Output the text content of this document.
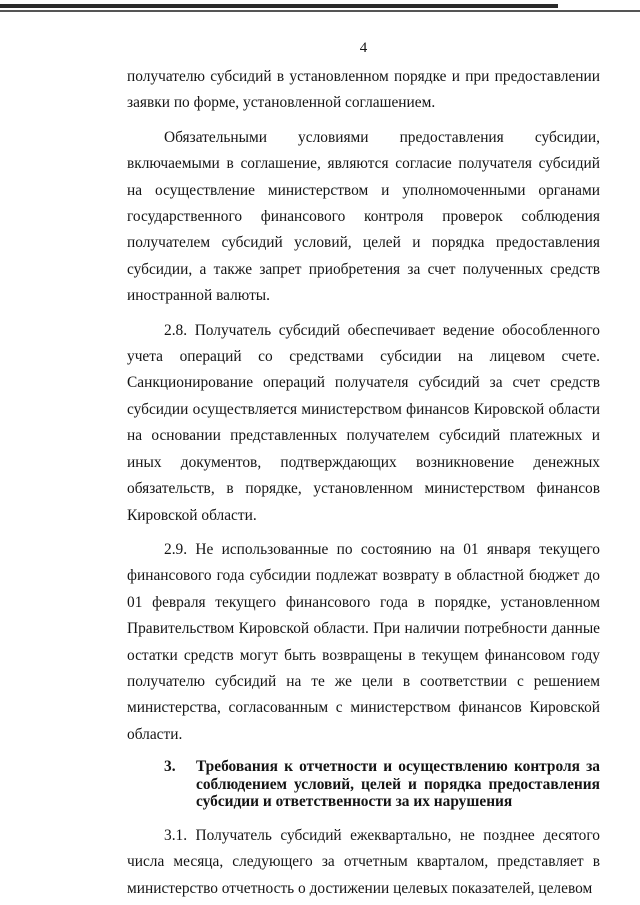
4

получателю субсидий в установленном порядке и при предоставлении заявки по форме, установленной соглашением.

Обязательными условиями предоставления субсидии, включаемыми в соглашение, являются согласие получателя субсидий на осуществление министерством и уполномоченными органами государственного финансового контроля проверок соблюдения получателем субсидий условий, целей и порядка предоставления субсидии, а также запрет приобретения за счет полученных средств иностранной валюты.

2.8. Получатель субсидий обеспечивает ведение обособленного учета операций со средствами субсидии на лицевом счете. Санкционирование операций получателя субсидий за счет средств субсидии осуществляется министерством финансов Кировской области на основании представленных получателем субсидий платежных и иных документов, подтверждающих возникновение денежных обязательств, в порядке, установленном министерством финансов Кировской области.

2.9. Не использованные по состоянию на 01 января текущего финансового года субсидии подлежат возврату в областной бюджет до 01 февраля текущего финансового года в порядке, установленном Правительством Кировской области. При наличии потребности данные остатки средств могут быть возвращены в текущем финансовом году получателю субсидий на те же цели в соответствии с решением министерства, согласованным с министерством финансов Кировской области.

3.	Требования к отчетности и осуществлению контроля за соблюдением условий, целей и порядка предоставления субсидии и ответственности за их нарушения

3.1. Получатель субсидий ежеквартально, не позднее десятого числа месяца, следующего за отчетным кварталом, представляет в министерство отчетность о достижении целевых показателей, целевом
